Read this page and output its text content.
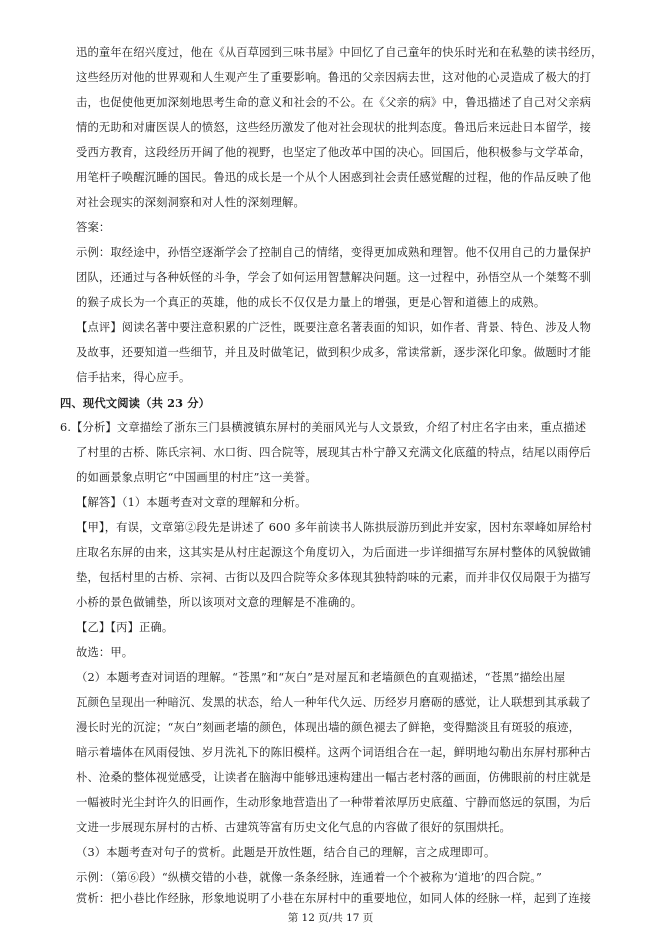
迅的童年在绍兴度过，他在《从百草园到三味书屋》中回忆了自己童年的快乐时光和在私塾的读书经历，
这些经历对他的世界观和人生观产生了重要影响。鲁迅的父亲因病去世，这对他的心灵造成了极大的打
击，也促使他更加深刻地思考生命的意义和社会的不公。在《父亲的病》中，鲁迅描述了自己对父亲病
情的无助和对庸医误人的愤怒，这些经历激发了他对社会现状的批判态度。鲁迅后来远赴日本留学，接
受西方教育，这段经历开阔了他的视野，也坚定了他改革中国的决心。回国后，他积极参与文学革命，
用笔杆子唤醒沉睡的国民。鲁迅的成长是一个从个人困惑到社会责任感觉醒的过程，他的作品反映了他
对社会现实的深刻洞察和对人性的深刻理解。
答案：
示例：取经途中，孙悟空逐渐学会了控制自己的情绪，变得更加成熟和理智。他不仅用自己的力量保护
团队，还通过与各种妖怪的斗争，学会了如何运用智慧解决问题。这一过程中，孙悟空从一个桀骜不驯
的猴子成长为一个真正的英雄，他的成长不仅仅是力量上的增强，更是心智和道德上的成熟。
【点评】阅读名著中要注意积累的广泛性，既要注意名著表面的知识，如作者、背景、特色、涉及人物
及故事，还要知道一些细节，并且及时做笔记，做到积少成多，常读常新，逐步深化印象。做题时才能
信手拈来，得心应手。
四、现代文阅读（共 23 分）
6.【分析】文章描绘了浙东三门县横渡镇东屏村的美丽风光与人文景致，介绍了村庄名字由来，重点描述
了村里的古桥、陈氏宗祠、水口街、四合院等，展现其古朴宁静又充满文化底蕴的特点，结尾以雨停后
的如画景象点明它“中国画里的村庄”这一美誉。
【解答】（1）本题考查对文章的理解和分析。
【甲】，有误，文章第②段先是讲述了 600 多年前读书人陈拱辰游历到此并安家，因村东翠峰如屏给村
庄取名东屏的由来，这其实是从村庄起源这个角度切入，为后面进一步详细描写东屏村整体的风貌做铺
垫，包括村里的古桥、宗祠、古街以及四合院等众多体现其独特韵味的元素，而并非仅仅局限于为描写
小桥的景色做铺垫，所以该项对文意的理解是不准确的。
【乙】【丙】正确。
故选：甲。
（2）本题考查对词语的理解。“苍黑”和“灰白”是对屋瓦和老墙颜色的直观描述，“苍黑”描绘出屋
瓦颜色呈现出一种暗沉、发黑的状态，给人一种年代久远、历经岁月磨砺的感觉，让人联想到其承载了
漫长时光的沉淀；“灰白”刻画老墙的颜色，体现出墙的颜色褪去了鲜艳，变得黯淡且有斑驳的痕迹，
暗示着墙体在风雨侵蚀、岁月洗礼下的陈旧模样。这两个词语组合在一起，鲜明地勾勒出东屏村那种古
朴、沧桑的整体视觉感受，让读者在脑海中能够迅速构建出一幅古老村落的画面，仿佛眼前的村庄就是
一幅被时光尘封许久的旧画作，生动形象地营造出了一种带着浓厚历史底蕴、宁静而悠远的氛围，为后
文进一步展现东屏村的古桥、古建筑等富有历史文化气息的内容做了很好的氛围烘托。
（3）本题考查对句子的赏析。此题是开放性题，结合自己的理解，言之成理即可。
示例：（第⑥段）“纵横交错的小巷，就像一条条经脉，连通着一个个被称为‘道地’的四合院。”
赏析：把小巷比作经脉，形象地说明了小巷在东屏村中的重要地位，如同人体的经脉一样，起到了连接
第 12 页/共 17 页
